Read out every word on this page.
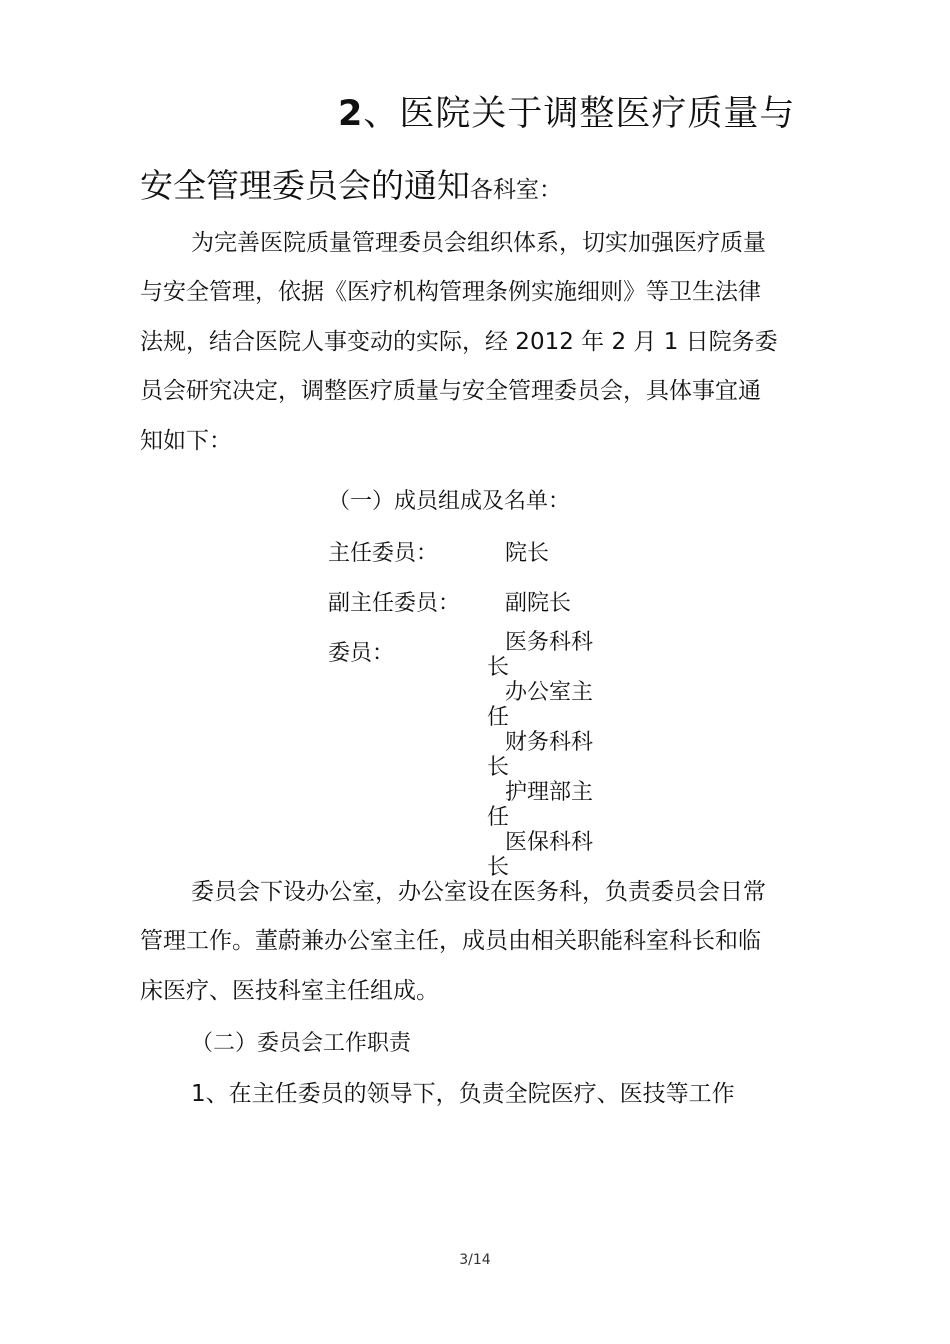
2、医院关于调整医疗质量与
安全管理委员会的通知各科室：
为完善医院质量管理委员会组织体系，切实加强医疗质量
与安全管理，依据《医疗机构管理条例实施细则》等卫生法律
法规，结合医院人事变动的实际，经 2012 年 2 月 1 日院务委
员会研究决定，调整医疗质量与安全管理委员会，具体事宜通
知如下：
（一）成员组成及名单：
主任委员：	院长
副主任委员： 副院长
委员：	医务科科
长
办公室主
任
财务科科
长
护理部主
任
医保科科
长
委员会下设办公室，办公室设在医务科，负责委员会日常
管理工作。董蔚兼办公室主任，成员由相关职能科室科长和临
床医疗、医技科室主任组成。
（二）委员会工作职责
1、在主任委员的领导下，负责全院医疗、医技等工作
3/14
